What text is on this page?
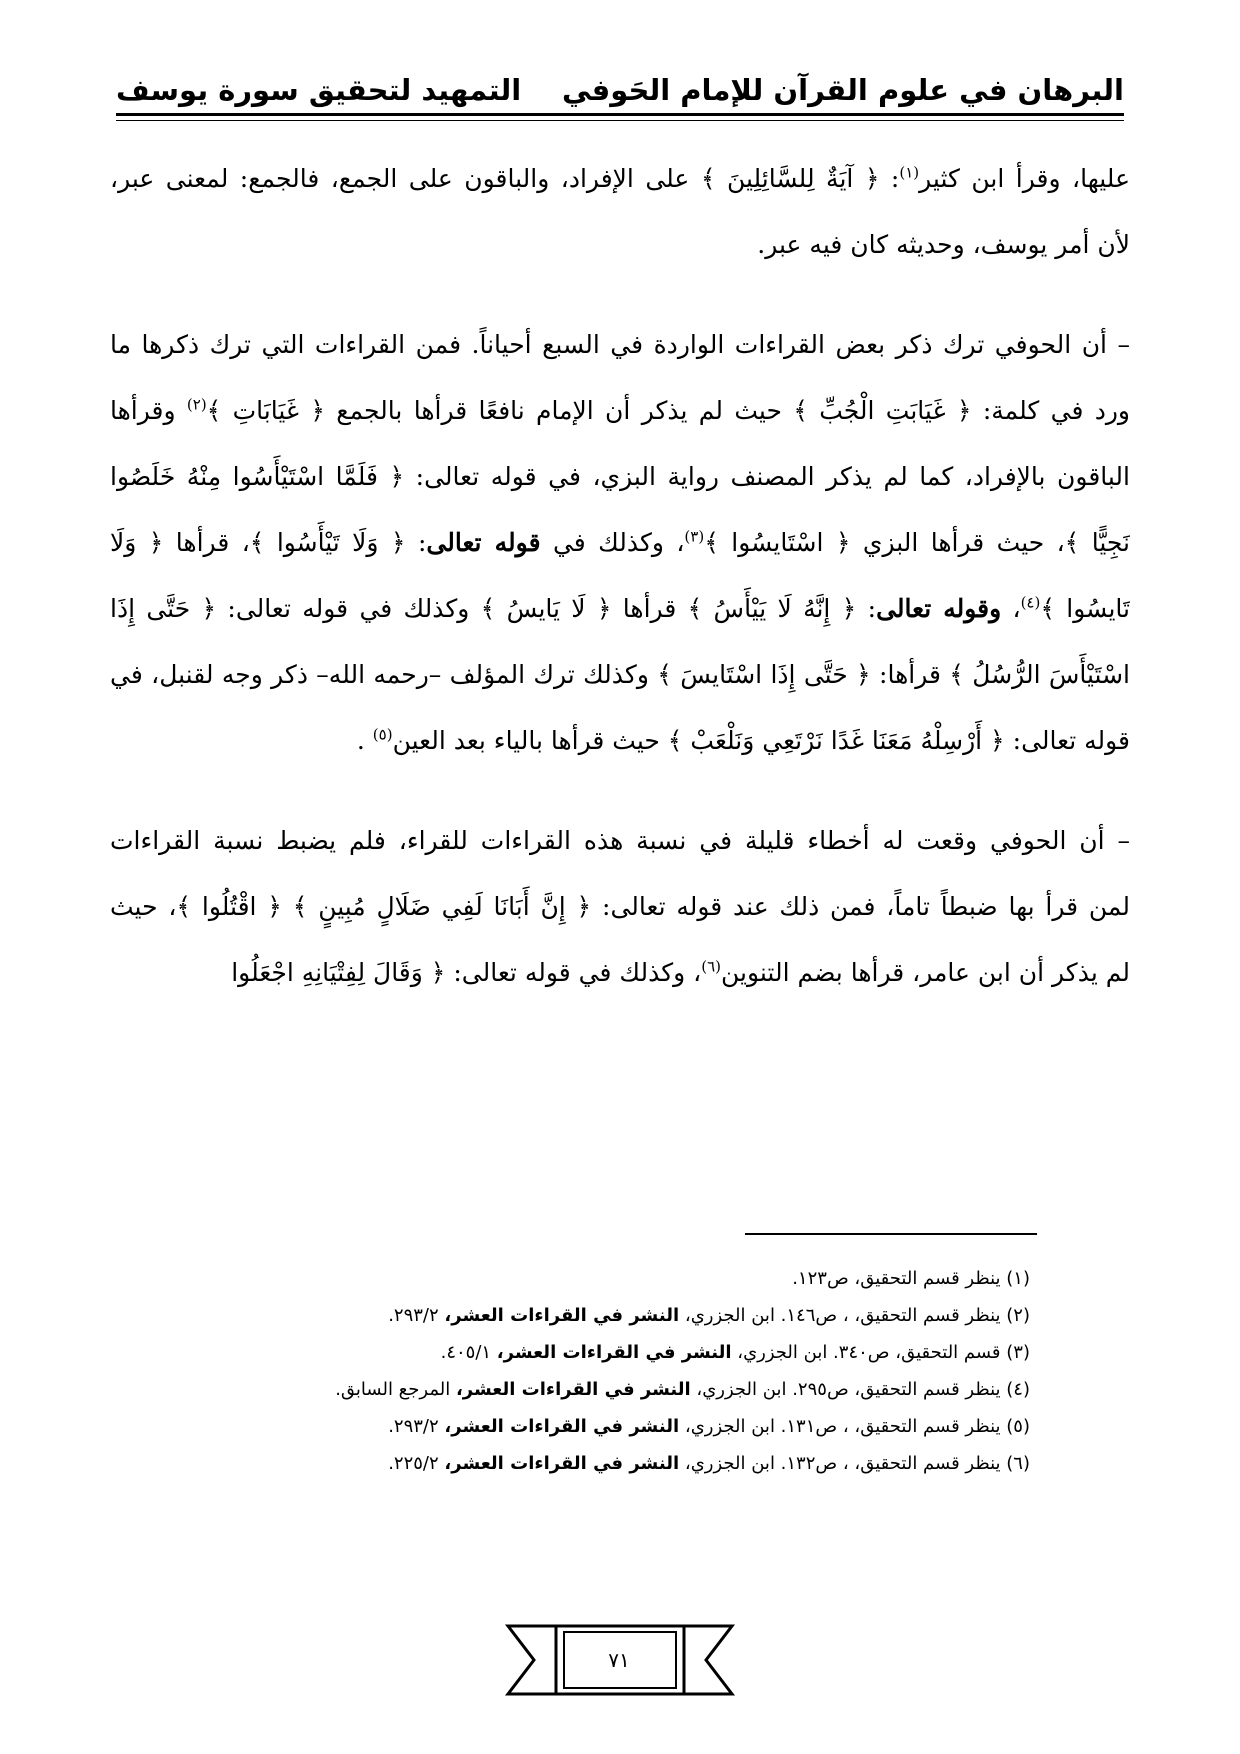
البرهان في علوم القرآن للإمام الحَوفي
التمهيد لتحقيق سورة يوسف
عليها، وقرأ ابن كثير$^{(١)}$: ﴿ آيَةٌ لِلسَّائِلِينَ ﴾ على الإفراد، والباقون على الجمع، فالجمع: لمعنى عبر،
لأن أمر يوسف، وحديثه كان فيه عبر.
– أن الحوفي ترك ذكر بعض القراءات الواردة في السبع أحياناً. فمن القراءات التي ترك ذكرها ما
ورد في كلمة: ﴿ غَيَابَتِ الْجُبِّ ﴾ حيث لم يذكر أن الإمام نافعًا قرأها بالجمع ﴿ غَيَابَاتِ ﴾$^{(٢)}$ وقرأها
الباقون بالإفراد، كما لم يذكر المصنف رواية البزي، في قوله تعالى: ﴿ فَلَمَّا اسْتَيْأَسُوا مِنْهُ خَلَصُوا
نَجِيًّا ﴾، حيث قرأها البزي ﴿ اسْتَايسُوا ﴾$^{(٣)}$، وكذلك في قوله تعالى: ﴿ وَلَا تَيْأَسُوا ﴾، قرأها ﴿ وَلَا
تَايسُوا ﴾$^{(٤)}$، وقوله تعالى: ﴿ إِنَّهُ لَا يَيْأَسُ ﴾ قرأها ﴿ لَا يَايسُ ﴾ وكذلك في قوله تعالى: ﴿ حَتَّى إِذَا
اسْتَيْأَسَ الرُّسُلُ ﴾ قرأها: ﴿ حَتَّى إِذَا اسْتَايسَ ﴾ وكذلك ترك المؤلف –رحمه الله– ذكر وجه لقنبل، في
قوله تعالى: ﴿ أَرْسِلْهُ مَعَنَا غَدًا نَرْتَعِي وَنَلْعَبْ ﴾ حيث قرأها بالياء بعد العين$^{(٥)}$ .
– أن الحوفي وقعت له أخطاء قليلة في نسبة هذه القراءات للقراء، فلم يضبط نسبة القراءات
لمن قرأ بها ضبطاً تاماً، فمن ذلك عند قوله تعالى: ﴿ إِنَّ أَبَانَا لَفِي ضَلَالٍ مُبِينٍ ﴾ ﴿ اقْتُلُوا ﴾، حيث
لم يذكر أن ابن عامر، قرأها بضم التنوين$^{(٦)}$، وكذلك في قوله تعالى: ﴿ وَقَالَ لِفِتْيَانِهِ اجْعَلُوا
(١) ينظر قسم التحقيق، ص١٢٣.
(٢) ينظر قسم التحقيق، ، ص١٤٦. ابن الجزري، النشر في القراءات العشر، ٢٩٣/٢.
(٣) قسم التحقيق، ص٣٤٠. ابن الجزري، النشر في القراءات العشر، ٤٠٥/١.
(٤) ينظر قسم التحقيق، ص٢٩٥. ابن الجزري، النشر في القراءات العشر، المرجع السابق.
(٥) ينظر قسم التحقيق، ، ص١٣١. ابن الجزري، النشر في القراءات العشر، ٢٩٣/٢.
(٦) ينظر قسم التحقيق، ، ص١٣٢. ابن الجزري، النشر في القراءات العشر، ٢٢٥/٢.
٧١
